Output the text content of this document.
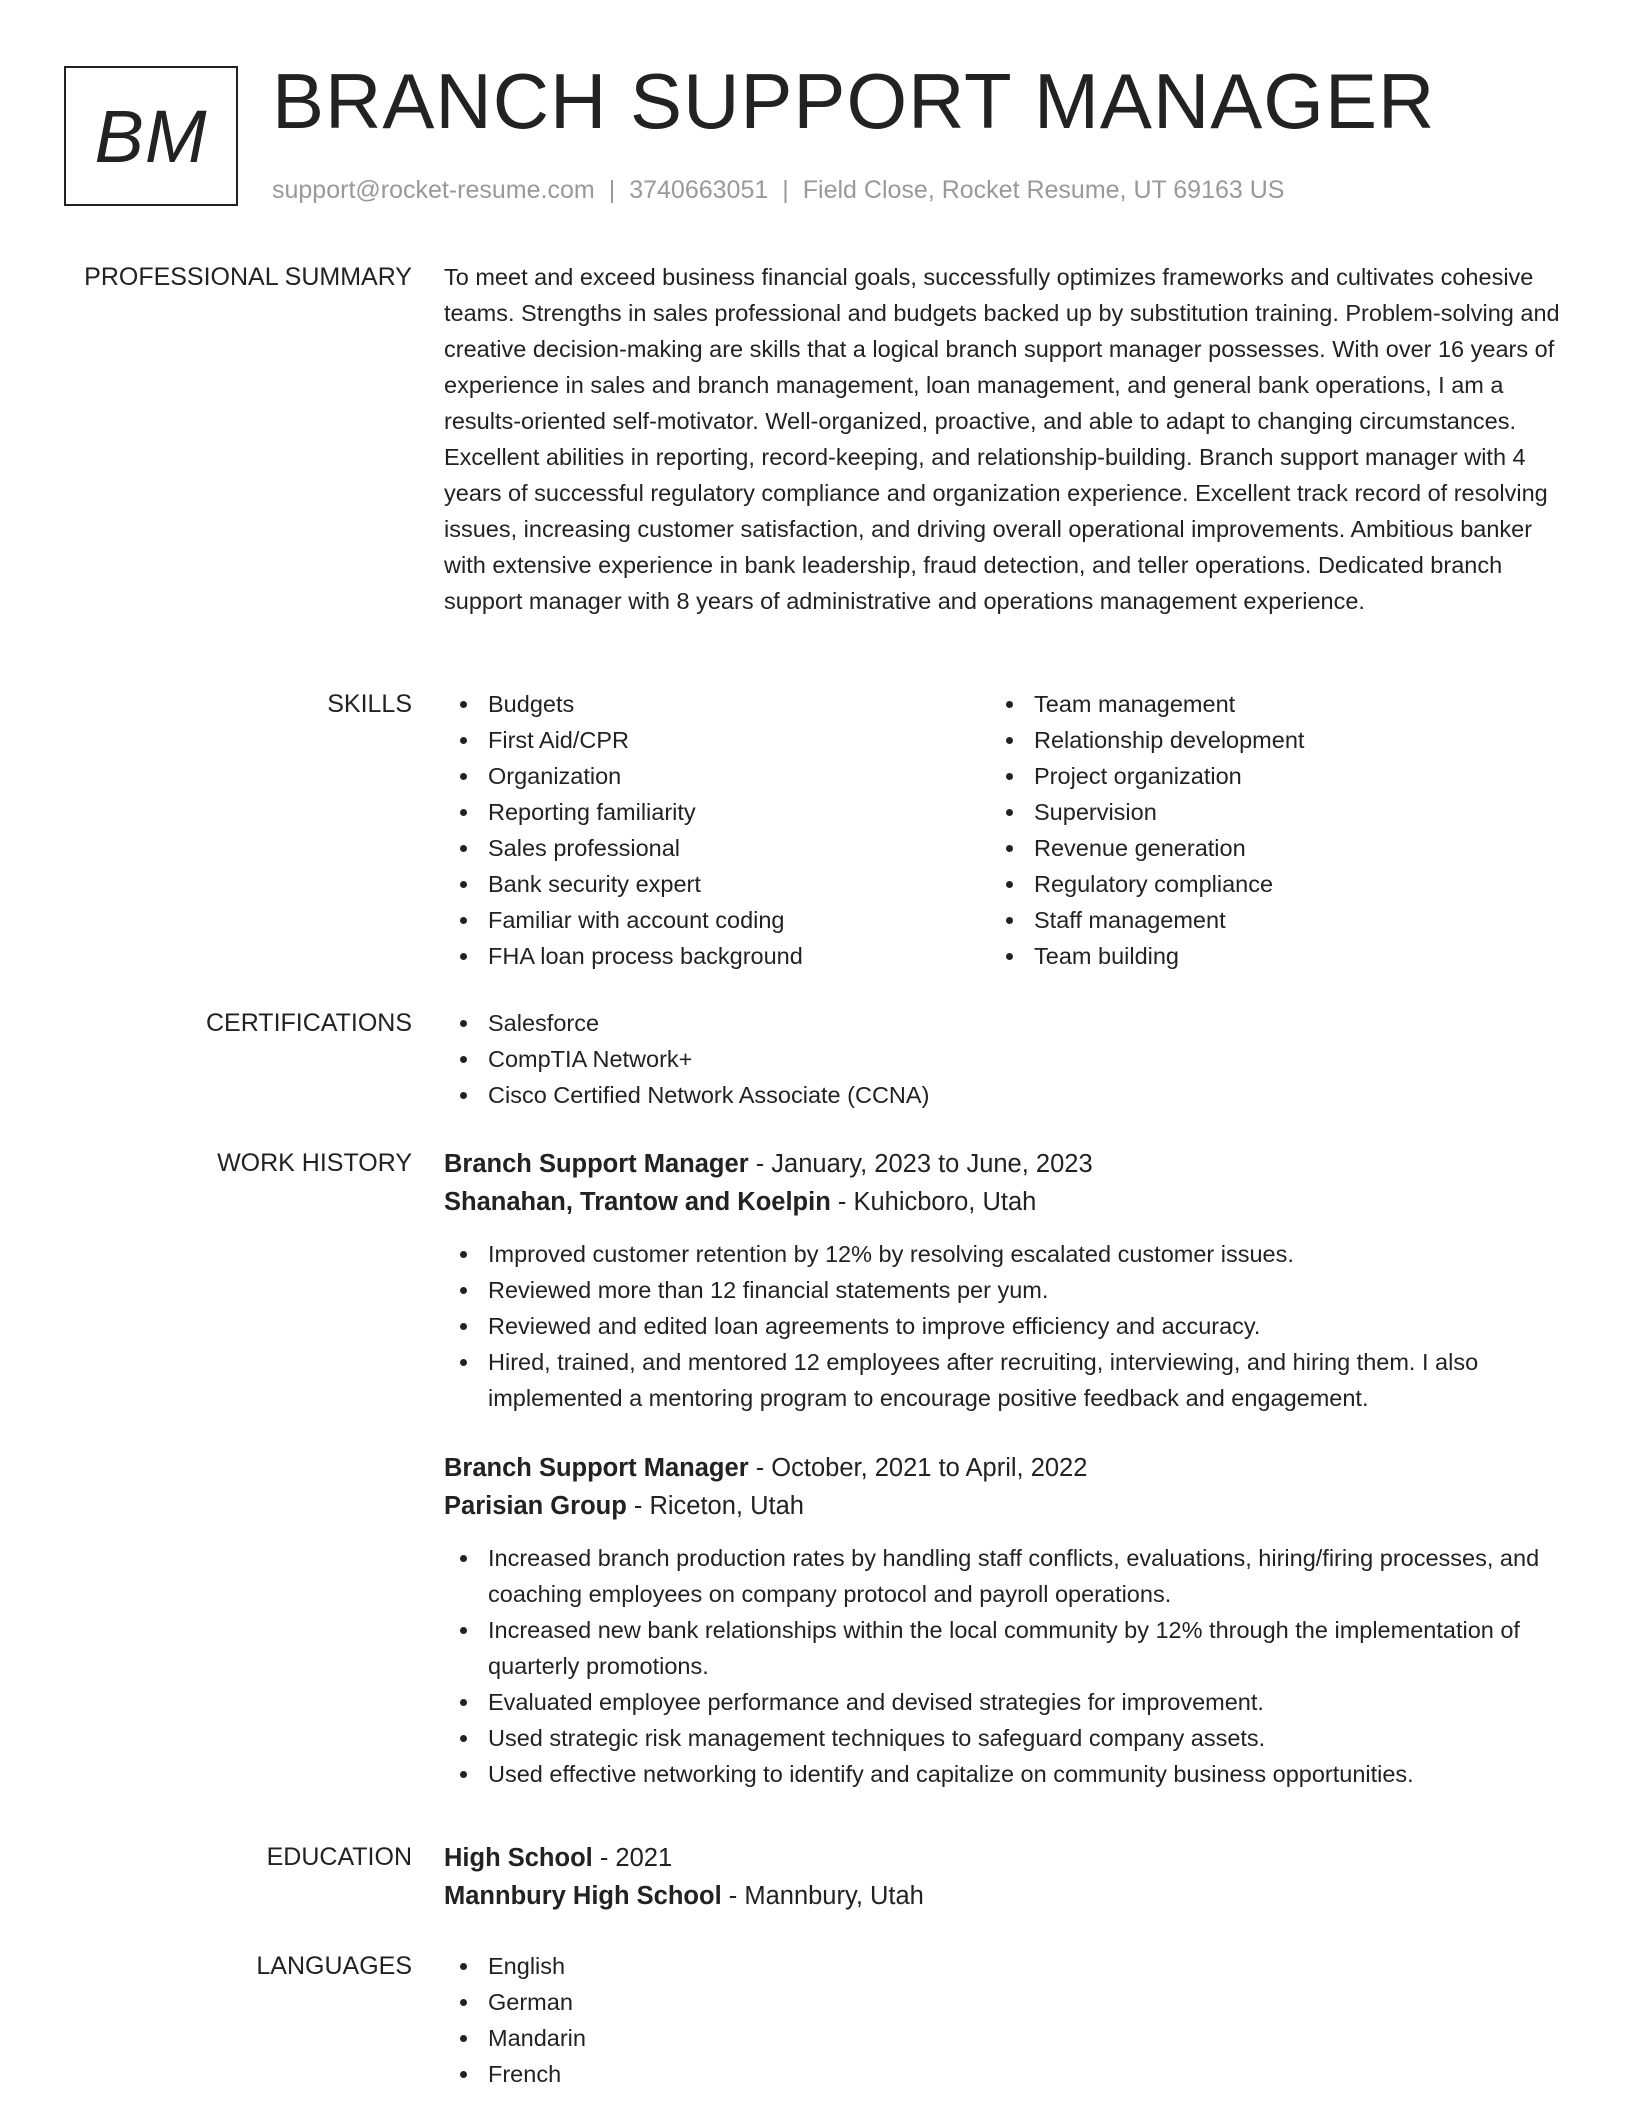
BM BRANCH SUPPORT MANAGER
support@rocket-resume.com | 3740663051 | Field Close, Rocket Resume, UT 69163 US
PROFESSIONAL SUMMARY To meet and exceed business financial goals, successfully optimizes frameworks and cultivates cohesive teams. Strengths in sales professional and budgets backed up by substitution training. Problem-solving and creative decision-making are skills that a logical branch support manager possesses. With over 16 years of experience in sales and branch management, loan management, and general bank operations, I am a results-oriented self-motivator. Well-organized, proactive, and able to adapt to changing circumstances. Excellent abilities in reporting, record-keeping, and relationship-building. Branch support manager with 4 years of successful regulatory compliance and organization experience. Excellent track record of resolving issues, increasing customer satisfaction, and driving overall operational improvements. Ambitious banker with extensive experience in bank leadership, fraud detection, and teller operations. Dedicated branch support manager with 8 years of administrative and operations management experience.
SKILLS	Budgets
First Aid/CPR
Organization
Reporting familiarity
Sales professional
Bank security expert
Familiar with account coding
FHA loan process background
Team management
Relationship development
Project organization
Supervision
Revenue generation
Regulatory compliance
Staff management
Team building
CERTIFICATIONS	Salesforce
CompTIA Network+
Cisco Certified Network Associate (CCNA)
WORK HISTORY Branch Support Manager - January, 2023 to June, 2023
Shanahan, Trantow and Koelpin - Kuhicboro, Utah
Improved customer retention by 12% by resolving escalated customer issues.
Reviewed more than 12 financial statements per yum.
Reviewed and edited loan agreements to improve efficiency and accuracy.
Hired, trained, and mentored 12 employees after recruiting, interviewing, and hiring them. I also implemented a mentoring program to encourage positive feedback and engagement.
Branch Support Manager - October, 2021 to April, 2022
Parisian Group - Riceton, Utah
Increased branch production rates by handling staff conflicts, evaluations, hiring/firing processes, and coaching employees on company protocol and payroll operations.
Increased new bank relationships within the local community by 12% through the implementation of quarterly promotions.
Evaluated employee performance and devised strategies for improvement.
Used strategic risk management techniques to safeguard company assets.
Used effective networking to identify and capitalize on community business opportunities.
EDUCATION High School - 2021
Mannbury High School - Mannbury, Utah
LANGUAGES	English
German
Mandarin
French
